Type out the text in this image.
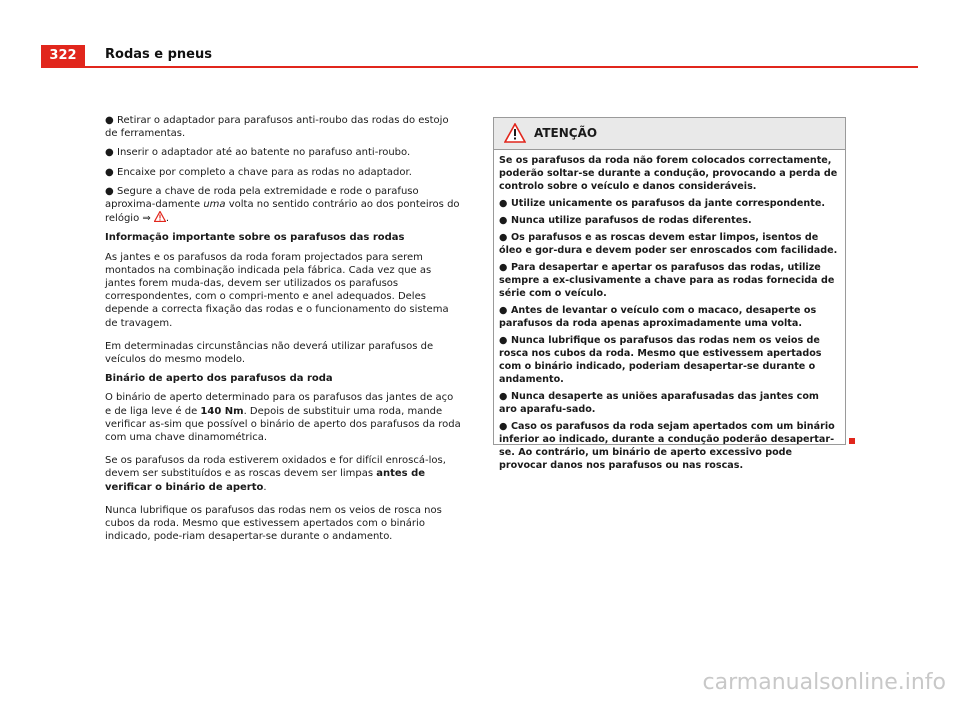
322	Rodas e pneus

● Retirar o adaptador para parafusos anti-roubo das rodas do estojo de ferramentas.

● Inserir o adaptador até ao batente no parafuso anti-roubo.

● Encaixe por completo a chave para as rodas no adaptador.

● Segure a chave de roda pela extremidade e rode o parafuso aproxima-damente uma volta no sentido contrário ao dos ponteiros do relógio ⇒ .

Informação importante sobre os parafusos das rodas

As jantes e os parafusos da roda foram projectados para serem montados na combinação indicada pela fábrica. Cada vez que as jantes forem muda-das, devem ser utilizados os parafusos correspondentes, com o compri-mento e anel adequados. Deles depende a correcta fixação das rodas e o funcionamento do sistema de travagem.

Em determinadas circunstâncias não deverá utilizar parafusos de veículos do mesmo modelo.

Binário de aperto dos parafusos da roda

O binário de aperto determinado para os parafusos das jantes de aço e de liga leve é de 140 Nm. Depois de substituir uma roda, mande verificar as-sim que possível o binário de aperto dos parafusos da roda com uma chave dinamométrica.

Se os parafusos da roda estiverem oxidados e for difícil enroscá-los, devem ser substituídos e as roscas devem ser limpas antes de verificar o binário de aperto.

Nunca lubrifique os parafusos das rodas nem os veios de rosca nos cubos da roda. Mesmo que estivessem apertados com o binário indicado, pode-riam desapertar-se durante o andamento.

ATENÇÃO

Se os parafusos da roda não forem colocados correctamente, poderão soltar-se durante a condução, provocando a perda de controlo sobre o veículo e danos consideráveis.

● Utilize unicamente os parafusos da jante correspondente.

● Nunca utilize parafusos de rodas diferentes.

● Os parafusos e as roscas devem estar limpos, isentos de óleo e gor-dura e devem poder ser enroscados com facilidade.

● Para desapertar e apertar os parafusos das rodas, utilize sempre a ex-clusivamente a chave para as rodas fornecida de série com o veículo.

● Antes de levantar o veículo com o macaco, desaperte os parafusos da roda apenas aproximadamente uma volta.

● Nunca lubrifique os parafusos das rodas nem os veios de rosca nos cubos da roda. Mesmo que estivessem apertados com o binário indicado, poderiam desapertar-se durante o andamento.

● Nunca desaperte as uniões aparafusadas das jantes com aro aparafu-sado.

● Caso os parafusos da roda sejam apertados com um binário inferior ao indicado, durante a condução poderão desapertar-se. Ao contrário, um binário de aperto excessivo pode provocar danos nos parafusos ou nas roscas.

carmanualsonline.info
